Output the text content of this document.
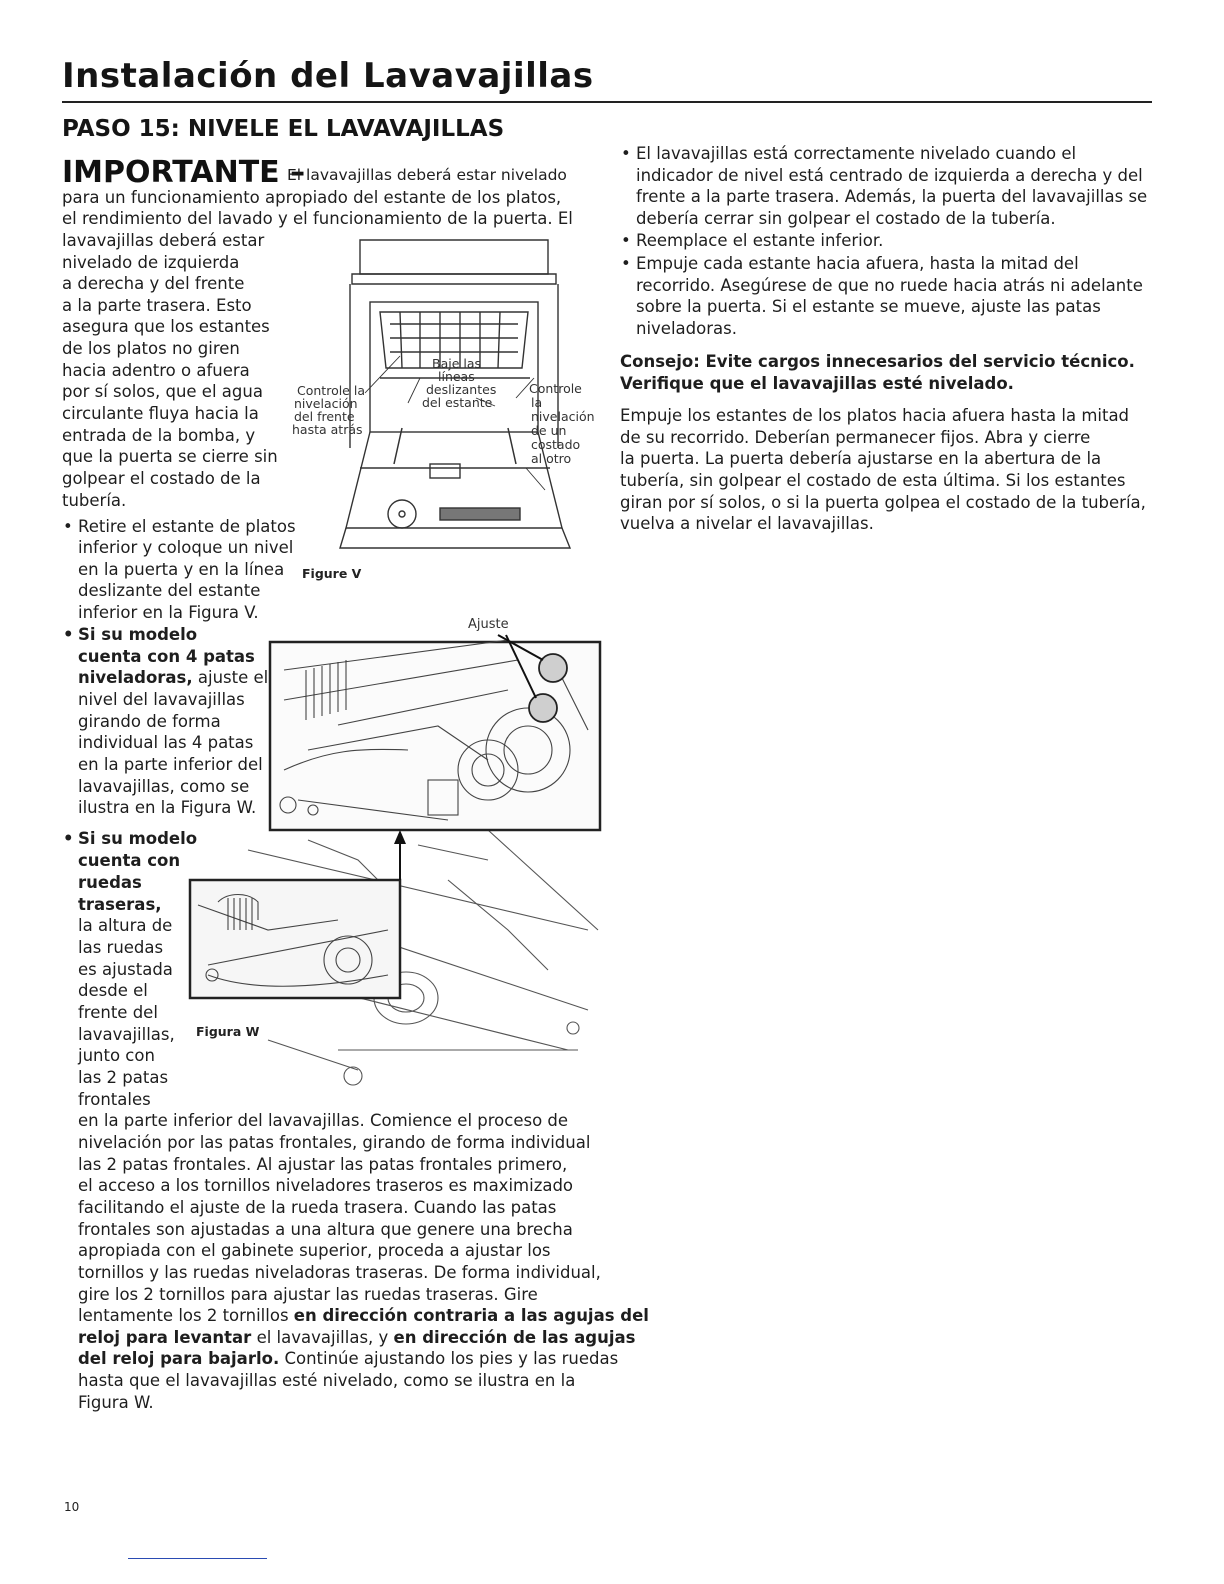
Instalación del Lavavajillas
PASO 15: NIVELE EL LAVAVAJILLAS
IMPORTANTE –
El lavavajillas deberá estar nivelado
para un funcionamiento apropiado del estante de los platos,
el rendimiento del lavado y el funcionamiento de la puerta. El
lavavajillas deberá estar
nivelado de izquierda
a derecha y del frente
a la parte trasera. Esto
asegura que los estantes
de los platos no giren
hacia adentro o afuera
por sí solos, que el agua
circulante fluya hacia la
entrada de la bomba, y
que la puerta se cierre sin
golpear el costado de la
tubería.
• Retire el estante de platos
inferior y coloque un nivel
en la puerta y en la línea
deslizante del estante
inferior en la Figura V.
• Si su modelo
cuenta con 4 patas
niveladoras, ajuste el
nivel del lavavajillas
girando de forma
individual las 4 patas
en la parte inferior del
lavavajillas, como se
ilustra en la Figura W.
• Si su modelo
cuenta con
ruedas
traseras,
la altura de
las ruedas
es ajustada
desde el
frente del
lavavajillas,
junto con
las 2 patas
frontales
en la parte inferior del lavavajillas. Comience el proceso de
nivelación por las patas frontales, girando de forma individual
las 2 patas frontales. Al ajustar las patas frontales primero,
el acceso a los tornillos niveladores traseros es maximizado
facilitando el ajuste de la rueda trasera. Cuando las patas
frontales son ajustadas a una altura que genere una brecha
apropiada con el gabinete superior, proceda a ajustar los
tornillos y las ruedas niveladoras traseras. De forma individual,
gire los 2 tornillos para ajustar las ruedas traseras. Gire
lentamente los 2 tornillos en dirección contraria a las agujas del
reloj para levantar el lavavajillas, y en dirección de las agujas
del reloj para bajarlo. Continúe ajustando los pies y las ruedas
hasta que el lavavajillas esté nivelado, como se ilustra en la
Figura W.
Controle la
nivelación
del frente
hasta atrás
Baje las
líneas
deslizantes
del estante
Controle
la
nivelación
de un
costado
al otro
Figure V
Ajuste
Figura W
• El lavavajillas está correctamente nivelado cuando el
indicador de nivel está centrado de izquierda a derecha y del
frente a la parte trasera. Además, la puerta del lavavajillas se
debería cerrar sin golpear el costado de la tubería.
• Reemplace el estante inferior.
• Empuje cada estante hacia afuera, hasta la mitad del
recorrido. Asegúrese de que no ruede hacia atrás ni adelante
sobre la puerta. Si el estante se mueve, ajuste las patas
niveladoras.
Consejo: Evite cargos innecesarios del servicio técnico.
Verifique que el lavavajillas esté nivelado.
Empuje los estantes de los platos hacia afuera hasta la mitad
de su recorrido. Deberían permanecer fijos. Abra y cierre
la puerta. La puerta debería ajustarse en la abertura de la
tubería, sin golpear el costado de esta última. Si los estantes
giran por sí solos, o si la puerta golpea el costado de la tubería,
vuelva a nivelar el lavavajillas.
10
